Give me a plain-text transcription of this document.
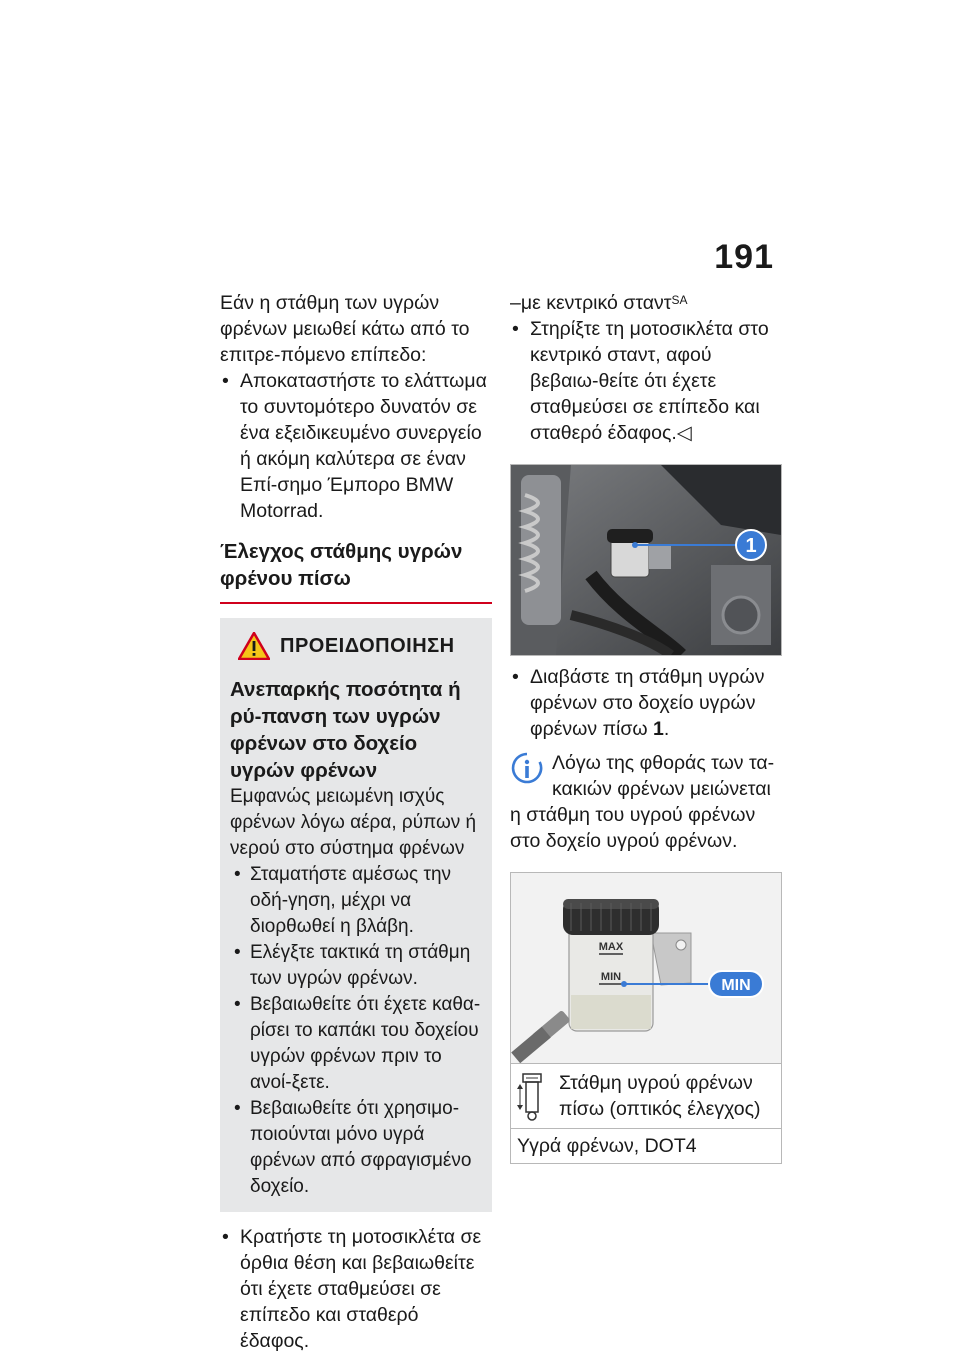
191

Εάν η στάθμη των υγρών φρένων μειωθεί κάτω από το επιτρε-πόμενο επίπεδο:

• Αποκαταστήστε το ελάττωμα το συντομότερο δυνατόν σε ένα εξειδικευμένο συνεργείο ή ακόμη καλύτερα σε έναν Επί-σημο Έμπορο BMW Motorrad.

Έλεγχος στάθμης υγρών φρένου πίσω
ΠΡΟΕΙΔΟΠΟΙΗΣΗ
Ανεπαρκής ποσότητα ή ρύ-πανση των υγρών φρένων στο δοχείο υγρών φρένων
Εμφανώς μειωμένη ισχύς φρένων λόγω αέρα, ρύπων ή νερού στο σύστημα φρένων
• Σταματήστε αμέσως την οδή-γηση, μέχρι να διορθωθεί η βλάβη.
• Ελέγξτε τακτικά τη στάθμη των υγρών φρένων.
• Βεβαιωθείτε ότι έχετε καθα-ρίσει το καπάκι του δοχείου υγρών φρένων πριν το ανοί-ξετε.
• Βεβαιωθείτε ότι χρησιμο-ποιούνται μόνο υγρά φρένων από σφραγισμένο δοχείο.

• Κρατήστε τη μοτοσικλέτα σε όρθια θέση και βεβαιωθείτε ότι έχετε σταθμεύσει σε επίπεδο και σταθερό έδαφος.

–με κεντρικό σταντ$^{SA}$

• Στηρίξτε τη μοτοσικλέτα στο κεντρικό σταντ, αφού βεβαιω-θείτε ότι έχετε σταθμεύσει σε επίπεδο και σταθερό έδαφος.◁

1

• Διαβάστε τη στάθμη υγρών φρένων στο δοχείο υγρών φρένων πίσω 1.

Λόγω της φθοράς των τα-κακιών φρένων μειώνεται η στάθμη του υγρού φρένων στο δοχείο υγρού φρένων.
MAX
MIN	MIN
Στάθμη υγρού φρένων πίσω (οπτικός έλεγχος)
Υγρά φρένων, DOT4
